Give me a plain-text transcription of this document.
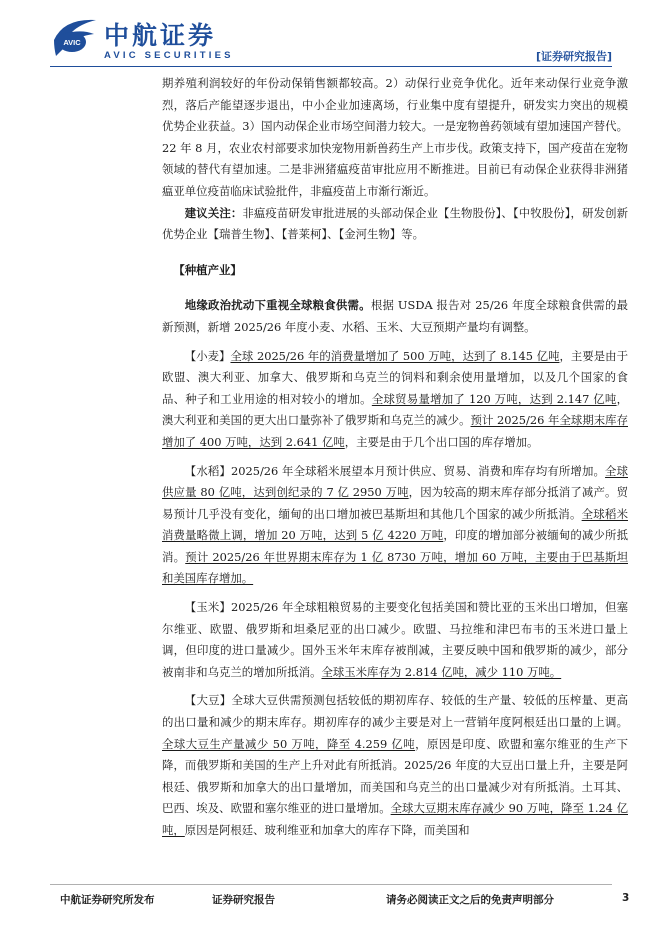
AVIC 中航证券
AVIC SECURITIES	[证券研究报告]

期养殖利润较好的年份动保销售额都较高。2）动保行业竞争优化。近年来动保行业竞争激烈，落后产能望逐步退出，中小企业加速离场，行业集中度有望提升，研发实力突出的规模优势企业获益。3）国内动保企业市场空间潜力较大。一是宠物兽药领域有望加速国产替代。22 年 8 月，农业农村部要求加快宠物用新兽药生产上市步伐。政策支持下，国产疫苗在宠物领域的替代有望加速。二是非洲猪瘟疫苗审批应用不断推进。目前已有动保企业获得非洲猪瘟亚单位疫苗临床试验批件，非瘟疫苗上市渐行渐近。

建议关注：非瘟疫苗研发审批进展的头部动保企业【生物股份】、【中牧股份】，研发创新优势企业【瑞普生物】、【普莱柯】、【金河生物】等。

【种植产业】

地缘政治扰动下重视全球粮食供需。根据 USDA 报告对 25/26 年度全球粮食供需的最新预测，新增 2025/26 年度小麦、水稻、玉米、大豆预期产量均有调整。

【小麦】全球 2025/26 年的消费量增加了 500 万吨，达到了 8.145 亿吨，主要是由于欧盟、澳大利亚、加拿大、俄罗斯和乌克兰的饲料和剩余使用量增加，以及几个国家的食品、种子和工业用途的相对较小的增加。全球贸易量增加了 120 万吨，达到 2.147 亿吨，澳大利亚和美国的更大出口量弥补了俄罗斯和乌克兰的减少。预计 2025/26 年全球期末库存增加了 400 万吨，达到 2.641 亿吨，主要是由于几个出口国的库存增加。

【水稻】2025/26 年全球稻米展望本月预计供应、贸易、消费和库存均有所增加。全球供应量 80 亿吨，达到创纪录的 7 亿 2950 万吨，因为较高的期末库存部分抵消了减产。贸易预计几乎没有变化，缅甸的出口增加被巴基斯坦和其他几个国家的减少所抵消。全球稻米消费量略微上调，增加 20 万吨，达到 5 亿 4220 万吨，印度的增加部分被缅甸的减少所抵消。预计 2025/26 年世界期末库存为 1 亿 8730 万吨，增加 60 万吨，主要由于巴基斯坦和美国库存增加。

【玉米】2025/26 年全球粗粮贸易的主要变化包括美国和赞比亚的玉米出口增加，但塞尔维亚、欧盟、俄罗斯和坦桑尼亚的出口减少。欧盟、马拉维和津巴布韦的玉米进口量上调，但印度的进口量减少。国外玉米年末库存被削减，主要反映中国和俄罗斯的减少，部分被南非和乌克兰的增加所抵消。全球玉米库存为 2.814 亿吨，减少 110 万吨。

【大豆】全球大豆供需预测包括较低的期初库存、较低的生产量、较低的压榨量、更高的出口量和减少的期末库存。期初库存的减少主要是对上一营销年度阿根廷出口量的上调。全球大豆生产量减少 50 万吨，降至 4.259 亿吨，原因是印度、欧盟和塞尔维亚的生产下降，而俄罗斯和美国的生产上升对此有所抵消。2025/26 年度的大豆出口量上升，主要是阿根廷、俄罗斯和加拿大的出口量增加，而美国和乌克兰的出口量减少对有所抵消。土耳其、巴西、埃及、欧盟和塞尔维亚的进口量增加。全球大豆期末库存减少 90 万吨，降至 1.24 亿吨，原因是阿根廷、玻利维亚和加拿大的库存下降，而美国和

中航证券研究所发布	证券研究报告	请务必阅读正文之后的免责声明部分	3
